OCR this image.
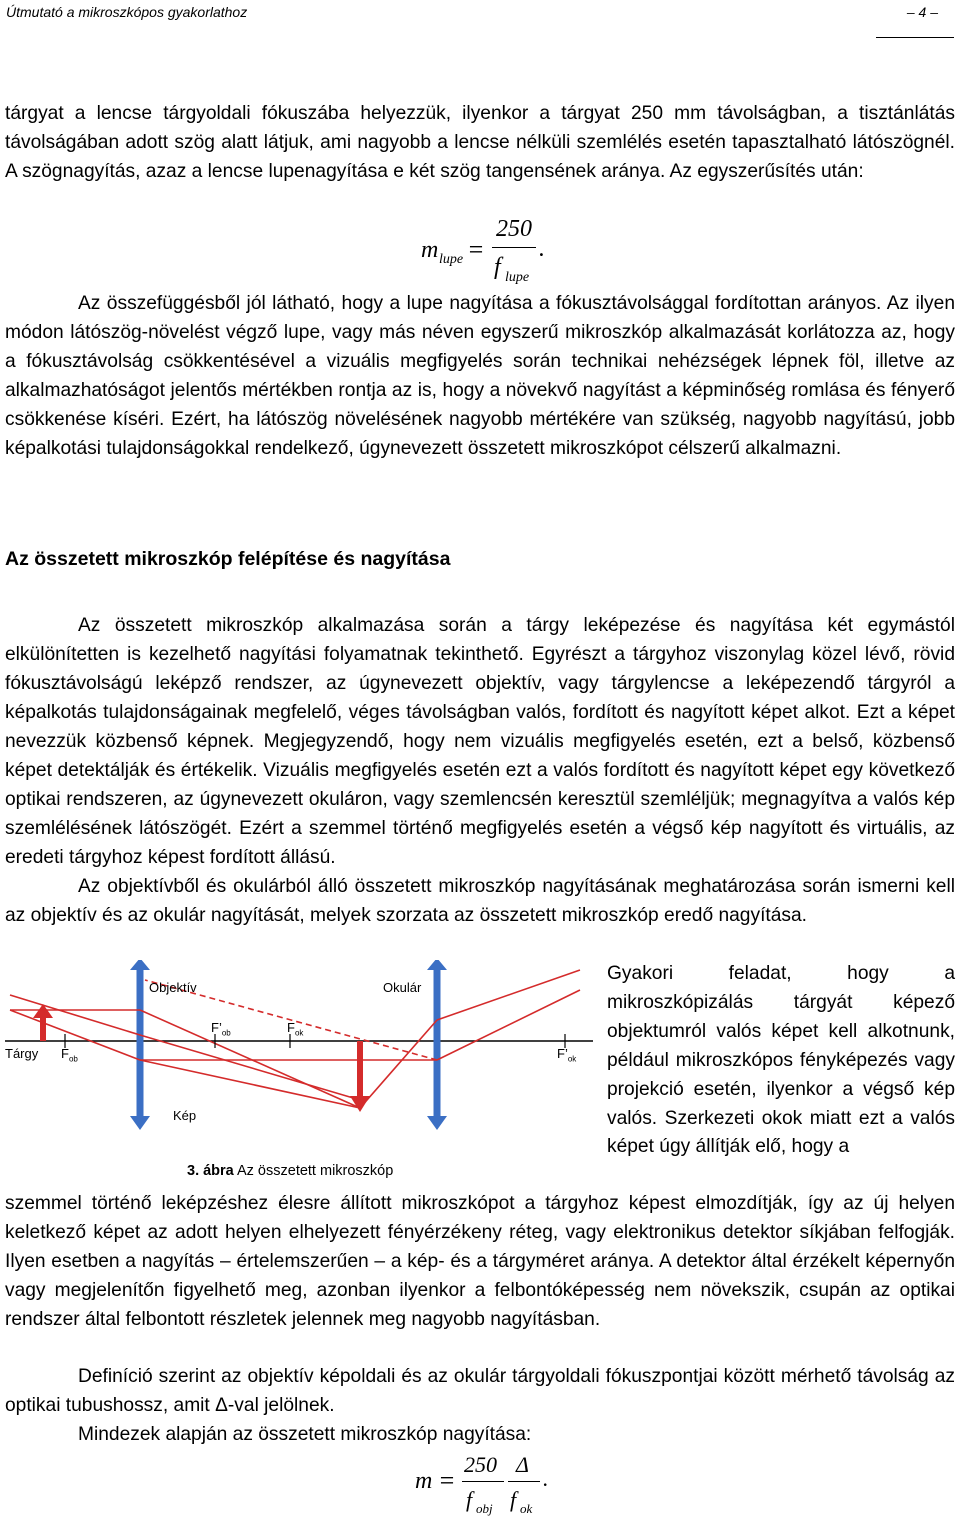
Útmutató a mikroszkópos gyakorlathoz	– 4 –

tárgyat a lencse tárgyoldali fókuszába helyezzük, ilyenkor a tárgyat 250 mm távolságban, a tisztánlátás távolságában adott szög alatt látjuk, ami nagyobb a lencse nélküli szemlélés esetén tapasztalható látószögnél. A szögnagyítás, azaz a lencse lupenagyítása e két szög tangensének aránya. Az egyszerűsítés után:

m lupe =
250
f lupe
.

Az összefüggésből jól látható, hogy a lupe nagyítása a fókusztávolsággal fordítottan arányos. Az ilyen módon látószög-növelést végző lupe, vagy más néven egyszerű mikroszkóp alkalmazását korlátozza az, hogy a fókusztávolság csökkentésével a vizuális megfigyelés során technikai nehézségek lépnek föl, illetve az alkalmazhatóságot jelentős mértékben rontja az is, hogy a növekvő nagyítást a képminőség romlása és fényerő csökkenése kíséri. Ezért, ha látószög növelésének nagyobb mértékére van szükség, nagyobb nagyítású, jobb képalkotási tulajdonságokkal rendelkező, úgynevezett összetett mikroszkópot célszerű alkalmazni.

Az összetett mikroszkóp felépítése és nagyítása

Az összetett mikroszkóp alkalmazása során a tárgy leképezése és nagyítása két egymástól elkülönítetten is kezelhető nagyítási folyamatnak tekinthető. Egyrészt a tárgyhoz viszonylag közel lévő, rövid fókusztávolságú leképző rendszer, az úgynevezett objektív, vagy tárgylencse a leképezendő tárgyról a képalkotás tulajdonságainak megfelelő, véges távolságban valós, fordított és nagyított képet alkot. Ezt a képet nevezzük közbenső képnek. Megjegyzendő, hogy nem vizuális megfigyelés esetén, ezt a belső, közbenső képet detektálják és értékelik. Vizuális megfigyelés esetén ezt a valós fordított és nagyított képet egy következő optikai rendszeren, az úgynevezett okuláron, vagy szemlencsén keresztül szemléljük; megnagyítva a valós kép szemlélésének látószögét. Ezért a szemmel történő megfigyelés esetén a végső kép nagyított és virtuális, az eredeti tárgyhoz képest fordított állású.

Az objektívből és okulárból álló összetett mikroszkóp nagyításának meghatározása során ismerni kell az objektív és az okulár nagyítását, melyek szorzata az összetett mikroszkóp eredő nagyítása.

Objektív	Okulár
Tárgy
Kép
$F_{ob}$
$F’_{ob}$	$F_{ok}$
$F’_{ok}$
3. ábra Az összetett mikroszkóp

Gyakori feladat, hogy a mikroszkópizálás tárgyát képező objektumról valós képet kell alkotnunk, például mikroszkópos fényképezés vagy projekció esetén, ilyenkor a végső kép valós. Szerkezeti okok miatt ezt a valós képet úgy állítják elő, hogy a

szemmel történő leképzéshez élesre állított mikroszkópot a tárgyhoz képest elmozdítják, így az új helyen keletkező képet az adott helyen elhelyezett fényérzékeny réteg, vagy elektronikus detektor síkjában felfogják. Ilyen esetben a nagyítás – értelemszerűen – a kép- és a tárgyméret aránya. A detektor által érzékelt képernyőn vagy megjelenítőn figyelhető meg, azonban ilyenkor a felbontóképesség nem növekszik, csupán az optikai rendszer által felbontott részletek jelennek meg nagyobb nagyításban.

Definíció szerint az objektív képoldali és az okulár tárgyoldali fókuszpontjai között mérhető távolság az optikai tubushossz, amit Δ-val jelölnek.

Mindezek alapján az összetett mikroszkóp nagyítása:

m =
250 Δ
f obj f ok
.
